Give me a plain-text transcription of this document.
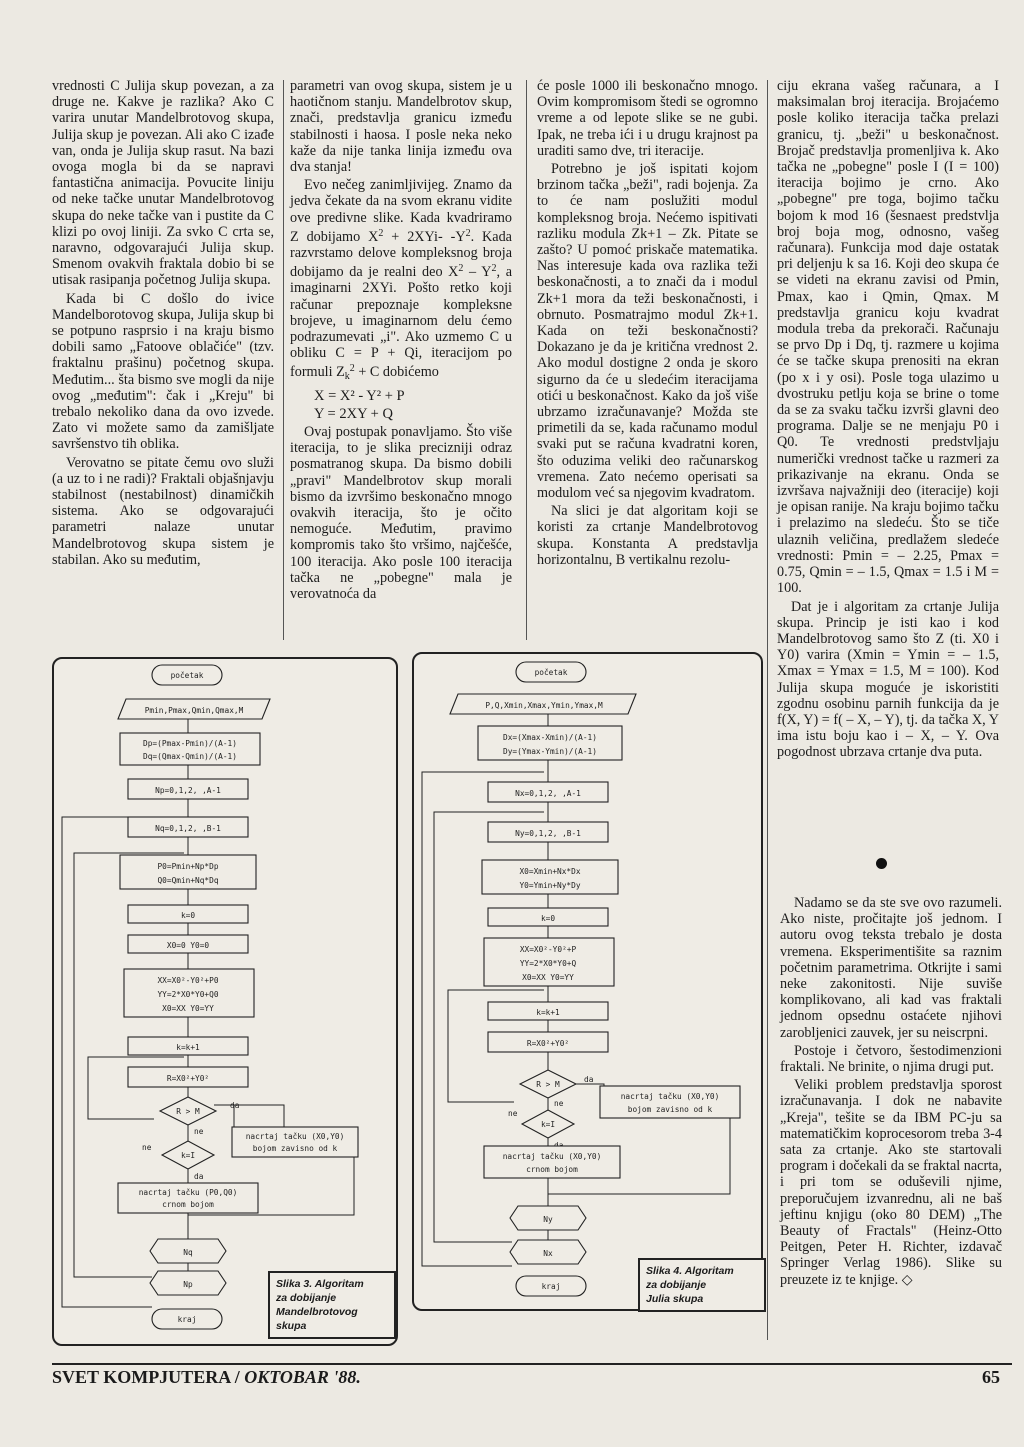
vrednosti C Julija skup povezan, a za druge ne. Kakve je razlika? Ako C varira unutar Mandelbrotovog skupa, Julija skup je povezan. Ali ako C izađe van, onda je Julija skup rasut. Na bazi ovoga mogla bi da se napravi fantastična animacija. Povucite liniju od neke tačke unutar Mandelbrotovog skupa do neke tačke van i pustite da C klizi po ovoj liniji. Za svko C crta se, naravno, odgovarajući Julija skup. Smenom ovakvih fraktala dobio bi se utisak rasipanja početnog Julija skupa.

Kada bi C došlo do ivice Mandelborotovog skupa, Julija skup bi se potpuno rasprsio i na kraju bismo dobili samo „Fatoove oblačiće" (tzv. fraktalnu prašinu) početnog skupa. Međutim... šta bismo sve mogli da nije ovog „međutim": čak i „Kreju" bi trebalo nekoliko dana da ovo izvede. Zato vi možete samo da zamišljate savršenstvo tih oblika.

Verovatno se pitate čemu ovo služi (a uz to i ne radi)? Fraktali objašnjavju stabilnost (nestabilnost) dinamičkih sistema. Ako se odgovarajući parametri nalaze unutar Mandelbrotovog skupa sistem je stabilan. Ako su međutim,

parametri van ovog skupa, sistem je u haotičnom stanju. Mandelbrotov skup, znači, predstavlja granicu između stabilnosti i haosa. I posle neka neko kaže da nije tanka linija između ova dva stanja!

Evo nečeg zanimljivijeg. Znamo da jedva čekate da na svom ekranu vidite ove predivne slike. Kada kvadriramo Z dobijamo $X^2 + 2XYi-$ $-Y^2$. Kada razvrstamo delove kompleksnog broja dobijamo da je realni deo $X^2 - Y^2$, a imaginarni 2XYi. Pošto retko koji računar prepoznaje kompleksne brojeve, u imaginarnom delu ćemo podrazumevati „i". Ako uzmemo C u obliku C = P + Qi, iteracijom po formuli $Z_k^2 + C$ dobićemo

X = X² - Y² + P

Y = 2XY + Q

Ovaj postupak ponavljamo. Što više iteracija, to je slika precizniji odraz posmatranog skupa. Da bismo dobili „pravi" Mandelbrotov skup morali bismo da izvršimo beskonačno mnogo ovakvih iteracija, što je očito nemoguće. Međutim, pravimo kompromis tako što vršimo, najčešće, 100 iteracija. Ako posle 100 iteracija tačka ne „pobegne" mala je verovatnoća da

će posle 1000 ili beskonačno mnogo. Ovim kompromisom štedi se ogromno vreme a od lepote slike se ne gubi. Ipak, ne treba ići i u drugu krajnost pa uraditi samo dve, tri iteracije.

Potrebno je još ispitati kojom brzinom tačka „beži", radi bojenja. Za to će nam poslužiti modul kompleksnog broja. Nećemo ispitivati razliku modula Zk+1 – Zk. Pitate se zašto? U pomoć priskače matematika. Nas interesuje kada ova razlika teži beskonačnosti, a to znači da i modul Zk+1 mora da teži beskonačnosti, i obrnuto. Posmatrajmo modul Zk+1. Kada on teži beskonačnosti? Dokazano je da je kritična vrednost 2. Ako modul dostigne 2 onda je skoro sigurno da će u sledećim iteracijama otići u beskonačnost. Kako da još više ubrzamo izračunavanje? Možda ste primetili da se, kada računamo modul svaki put se računa kvadratni koren, što oduzima veliki deo računarskog vremena. Zato nećemo operisati sa modulom već sa njegovim kvadratom.

Na slici je dat algoritam koji se koristi za crtanje Mandelbrotovog skupa. Konstanta A predstavlja horizontalnu, B vertikalnu rezolu-

ciju ekrana vašeg računara, a I maksimalan broj iteracija. Brojaćemo posle koliko iteracija tačka prelazi granicu, tj. „beži" u beskonačnost. Brojač predstavlja promenljiva k. Ako tačka ne „pobegne" posle I (I = 100) iteracija bojimo je crno. Ako „pobegne" pre toga, bojimo tačku bojom k mod 16 (šesnaest predstvlja broj boja mog, odnosno, vašeg računara). Funkcija mod daje ostatak pri deljenju k sa 16. Koji deo skupa će se videti na ekranu zavisi od Pmin, Pmax, kao i Qmin, Qmax. M predstavlja granicu koju kvadrat modula treba da prekorači. Računaju se prvo Dp i Dq, tj. razmere u kojima će se tačke skupa prenositi na ekran (po x i y osi). Posle toga ulazimo u dvostruku petlju koja se brine o tome da se za svaku tačku izvrši glavni deo programa. Dalje se ne menjaju P0 i Q0. Te vrednosti predstvljaju numerički vrednost tačke u razmeri za prikazivanje na ekranu. Onda se izvršava najvažniji deo (iteracije) koji je opisan ranije. Na kraju bojimo tačku i prelazimo na sledeću. Što se tiče ulaznih veličina, predlažem sledeće vrednosti: Pmin = – 2.25, Pmax = 0.75, Qmin = – 1.5, Qmax = 1.5 i M = 100.

Dat je i algoritam za crtanje Julija skupa. Princip je isti kao i kod Mandelbrotovog samo što Z (ti. X0 i Y0) varira (Xmin = Ymin = – 1.5, Xmax = Ymax = 1.5, M = 100). Kod Julija skupa moguće je iskoristiti zgodnu osobinu parnih funkcija da je f(X, Y) = f( – X, – Y), tj. da tačka X, Y ima istu boju kao i – X, – Y. Ova pogodnost ubrzava crtanje dva puta.

Nadamo se da ste sve ovo razumeli. Ako niste, pročitajte još jednom. I autoru ovog teksta trebalo je dosta vremena. Eksperimentišite sa raznim početnim parametrima. Otkrijte i sami neke zakonitosti. Nije suviše komplikovano, ali kad vas fraktali jednom opsednu ostaćete njihovi zarobljenici zauvek, jer su neiscrpni.

Postoje i četvoro, šestodimenzioni fraktali. Ne brinite, o njima drugi put.

Veliki problem predstavlja sporost izračunavanja. I dok ne nabavite „Kreja", tešite se da IBM PC-ju sa matematičkim koprocesorom treba 3-4 sata za crtanje. Ako ste startovali program i dočekali da se fraktal nacrta, i pri tom se oduševili njime, preporučujem izvanrednu, ali ne baš jeftinu knjigu (oko 80 DEM) „The Beauty of Fractals" (Heinz-Otto Peitgen, Peter H. Richter, izdavač Springer Verlag 1986). Slike su preuzete iz te knjige. ◇

početak
Pmin,Pmax,Qmin,Qmax,M
Dp=(Pmax-Pmin)/(A-1)
Dq=(Qmax-Qmin)/(A-1)
Np=0,1,2, ,A-1
Nq=0,1,2, ,B-1
P0=Pmin+Np*Dp
Q0=Qmin+Nq*Dq
k=0
X0=0 Y0=0
XX=X0²-Y0²+P0
YY=2*X0*Y0+Q0
X0=XX Y0=YY
k=k+1
R=X0²+Y0²
R > M
da
ne
k=I
ne
da
nacrtaj tačku (X0,Y0)
bojom zavisno od k
nacrtaj tačku (P0,Q0)
crnom bojom
Nq
Np
kraj
Slika 3. Algoritam
za dobijanje
Mandelbrotovog
skupa
početak
P,Q,Xmin,Xmax,Ymin,Ymax,M
Dx=(Xmax-Xmin)/(A-1)
Dy=(Ymax-Ymin)/(A-1)
Nx=0,1,2, ,A-1
Ny=0,1,2, ,B-1
X0=Xmin+Nx*Dx
Y0=Ymin+Ny*Dy
k=0
XX=X0²-Y0²+P
YY=2*X0*Y0+Q
X0=XX Y0=YY
k=k+1
R=X0²+Y0²
R > M
da
ne
k=I
ne
nacrtaj tačku (X0,Y0)
bojom zavisno od k
nacrtaj tačku (X0,Y0)
crnom bojom
Ny
Nx
kraj
Slika 4. Algoritam
za dobijanje
Julia skupa
SVET KOMPJUTERA / OKTOBAR '88.	65
